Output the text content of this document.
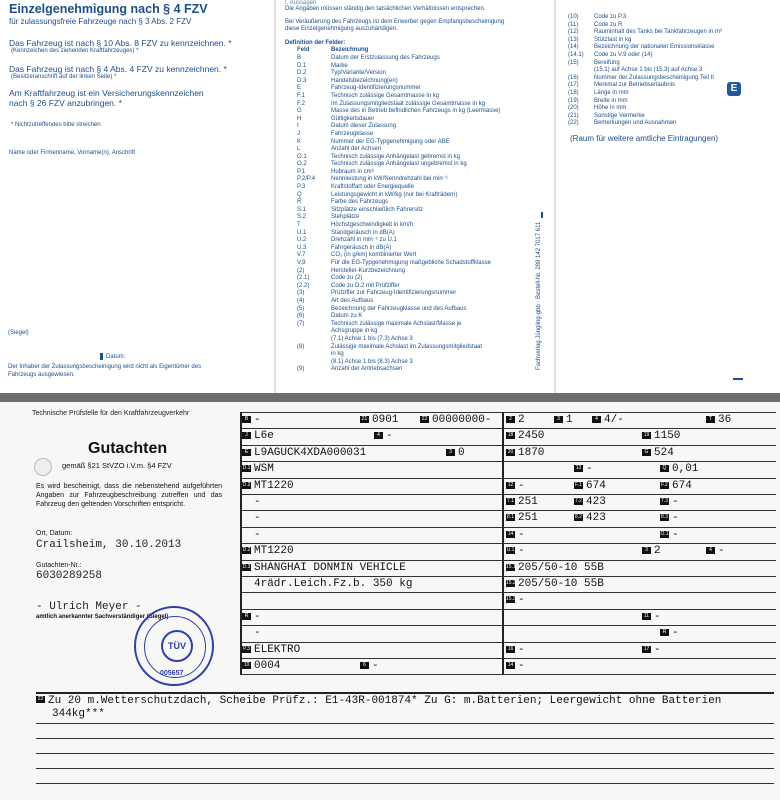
Einzelgenehmigung nach § 4 FZV
für zulassungsfreie Fahrzeuge nach § 3 Abs. 2 FZV
Das Fahrzeug ist nach § 10 Abs. 8 FZV zu kennzeichnen. *
(Kennzeichen des ziehenden Kraftfahrzeuges) *
Das Fahrzeug ist nach § 4 Abs. 4 FZV zu kennzeichnen. *
(Besitzeranschrift auf der linken Seite) *
Am Kraftfahrzeug ist ein Versicherungskennzeichen
nach § 26 FZV anzubringen. *
* Nichtzutreffendes bitte streichen
Name oder Firmenname, Vorname(n), Anschrift
(Siegel)
Datum:
Der Inhaber der Zulassungsbescheinigung wird nicht als Eigentümer des
Fahrzeugs ausgewiesen.
I. Aussagen
Die Angaben müssen ständig den tatsächlichen Verhältnissen entsprechen.
Bei Veräußerung des Fahrzeugs ist dem Erwerber gegen Empfangsbescheinigung
diese Einzelgenehmigung auszuhändigen.
Definition der Felder:
Feld	Bezeichnung
B	Datum der Erstzulassung des Fahrzeugs
D.1	Marke
D.2	Typ/Variante/Version
D.3	Handelsbezeichnung(en)
E	Fahrzeug-Identifizierungsnummer
F.1	Technisch zulässige Gesamtmasse in kg
F.2	Im Zulassungsmitgliedstaat zulässige Gesamtmasse in kg
G	Masse des in Betrieb befindlichen Fahrzeugs in kg (Leermasse)
H	Gültigkeitsdauer
I	Datum dieser Zulassung
J	Fahrzeugklasse
K	Nummer der EG-Typgenehmigung oder ABE
L	Anzahl der Achsen
O.1	Technisch zulässige Anhängelast gebremst in kg
O.2	Technisch zulässige Anhängelast ungebremst in kg
P.1	Hubraum in cm³
P.2/P.4	Nennleistung in kW/Nenndrehzahl bei min⁻¹
P.3	Kraftstoffart oder Energiequelle
Q	Leistungsgewicht in kW/kg (nur bei Krafträdern)
R	Farbe des Fahrzeugs
S.1	Sitzplätze einschließlich Fahrersitz
S.2	Stehplätze
T	Höchstgeschwindigkeit in km/h
U.1	Standgeräusch in dB(A)
U.2	Drehzahl in min⁻¹ zu U.1
U.3	Fahrgeräusch in dB(A)
V.7	CO₂ (in g/km) kombinierter Wert
V.9	Für die EG-Typgenehmigung maßgebliche Schadstoffklasse
(2)	Hersteller-Kurzbezeichnung
(2.1)	Code zu (2)
(2.2)	Code zu D.2 mit Prüfziffer
(3)	Prüfziffer zur Fahrzeug-Identifizierungsnummer
(4)	Art des Aufbaus
(5)	Bezeichnung der Fahrzeugklasse und des Aufbaus
(6)	Datum zu K
(7)	Technisch zulässige maximale Achslast/Masse je
Achsgruppe in kg
(7.1) Achse 1 bis (7.3) Achse 3
(8)	Zulässige maximale Achslast im Zulassungsmitgliedstaat
in kg
(8.1) Achse 1 bis (8.3) Achse 3
(9)	Anzahl der Antriebsachsen	Fachverlag Jüngling-gbb · Bestell-Nr. 289 142 7017 611
(10)	Code zu P.3
(11)	Code zu R
(12)	Rauminhalt des Tanks bei Tankfahrzeugen in m³
(13)	Stützlast in kg
(14)	Bezeichnung der nationalen Emissionsklasse
(14.1)	Code zu V.9 oder (14)
(15)	Bereifung
(15.1) auf Achse 1 bis (15.3) auf Achse 3
(16)	Nummer der Zulassungsbescheinigung Teil II
(17)	Merkmal zur Betriebserlaubnis
(18)	Länge in mm
(19)	Breite in mm
(20)	Höhe in mm
(21)	Sonstige Vermerke
(22)	Bemerkungen und Ausnahmen
E
(Raum für weitere amtliche Eintragungen)
Technische Prüfstelle für den Kraftfahrzeugverkehr
Gutachten
gemäß §21 StVZO i.V.m. §4 FZV
Es wird bescheinigt, dass die nebenstehend aufgeführten Angaben zur Fahrzeugbeschreibung zutreffen und das Fahrzeug den geltenden Vorschriften entspricht.
Ort, Datum:
Crailsheim, 30.10.2013
Gutachten-Nr.:
6030289258
- Ulrich Meyer -
amtlich anerkannter Sachverständiger (Siegel)
TÜV
005657
B -	21 0901	22 00000000-	2 2	3 1	4 4/-	T 36
J L6e	4 -	18 2450	19 1150
E L9AGUCK4XDA000031	3 0	20 1870	G 524
D.1 WSM	13 -	Q 0,01
D.2 MT1220	12 -	F.1 674	F.2 674
-	7.1 251	7.2 423	7.3 -
-	8.1 251	8.2 423	8.3 -
-	14 -	O.1 -
D.2 MT1220	U.1 -	3 2	4 -
D.3 SHANGHAI DONMIN VEHICLE	15.1 205/50-10 55B
4rädr.Leich.Fz.b. 350 kg	15.2 205/50-10 55B
15.3 -
R -	11 -
-	R -
P.3 ELEKTRO	16 -	17 -
10 0004	6 -	14 -
22 Zu 20 m.Wetterschutzdach, Scheibe Prüfz.: E1-43R-001874* Zu G: m.Batterien; Leergewicht ohne Batterien
344kg***
